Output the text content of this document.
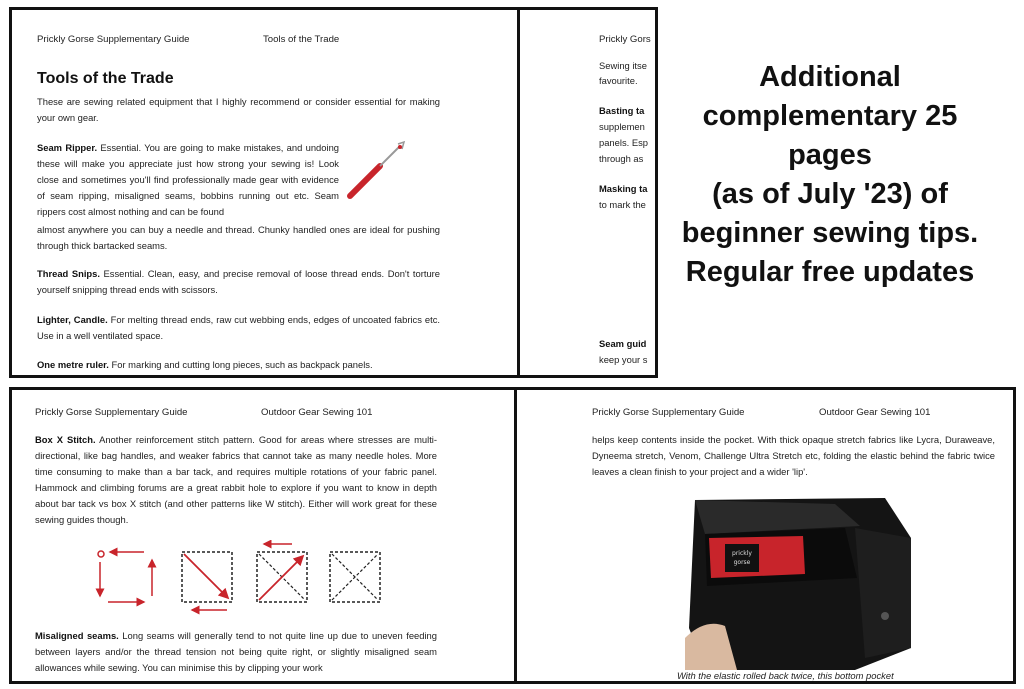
Prickly Gorse Supplementary Guide	Tools of the Trade
Tools of the Trade
These are sewing related equipment that I highly recommend or consider essential for making your own gear.
Seam Ripper. Essential. You are going to make mistakes, and undoing these will make you appreciate just how strong your sewing is! Look close and sometimes you'll find professionally made gear with evidence of seam ripping, misaligned seams, bobbins running out etc. Seam rippers cost almost nothing and can be found
almost anywhere you can buy a needle and thread. Chunky handled ones are ideal for pushing through thick bartacked seams.
Thread Snips. Essential. Clean, easy, and precise removal of loose thread ends. Don't torture yourself snipping thread ends with scissors.
Lighter, Candle. For melting thread ends, raw cut webbing ends, edges of uncoated fabrics etc. Use in a well ventilated space.
One metre ruler. For marking and cutting long pieces, such as backpack panels.
Prickly Gors
Sewing itse
favourite.
Basting ta
supplemen
panels. Esp
through as
Masking ta
to mark the
Seam guid
keep your s
Additional
complementary 25
pages
(as of July '23) of
beginner sewing tips.
Regular free updates
Prickly Gorse Supplementary Guide	Outdoor Gear Sewing 101
Box X Stitch. Another reinforcement stitch pattern. Good for areas where stresses are multi-directional, like bag handles, and weaker fabrics that cannot take as many needle holes. More time consuming to make than a bar tack, and requires multiple rotations of your fabric panel. Hammock and climbing forums are a great rabbit hole to explore if you want to know in depth about bar tack vs box X stitch (and other patterns like W stitch). Either will work great for these sewing guides though.
Misaligned seams. Long seams will generally tend to not quite line up due to uneven feeding between layers and/or the thread tension not being quite right, or slightly misaligned seam allowances while sewing. You can minimise this by clipping your work
Prickly Gorse Supplementary Guide	Outdoor Gear Sewing 101
helps keep contents inside the pocket. With thick opaque stretch fabrics like Lycra, Duraweave, Dyneema stretch, Venom, Challenge Ultra Stretch etc, folding the elastic behind the fabric twice leaves a clean finish to your project and a wider 'lip'.
prickly
gorse
With the elastic rolled back twice, this bottom pocket
